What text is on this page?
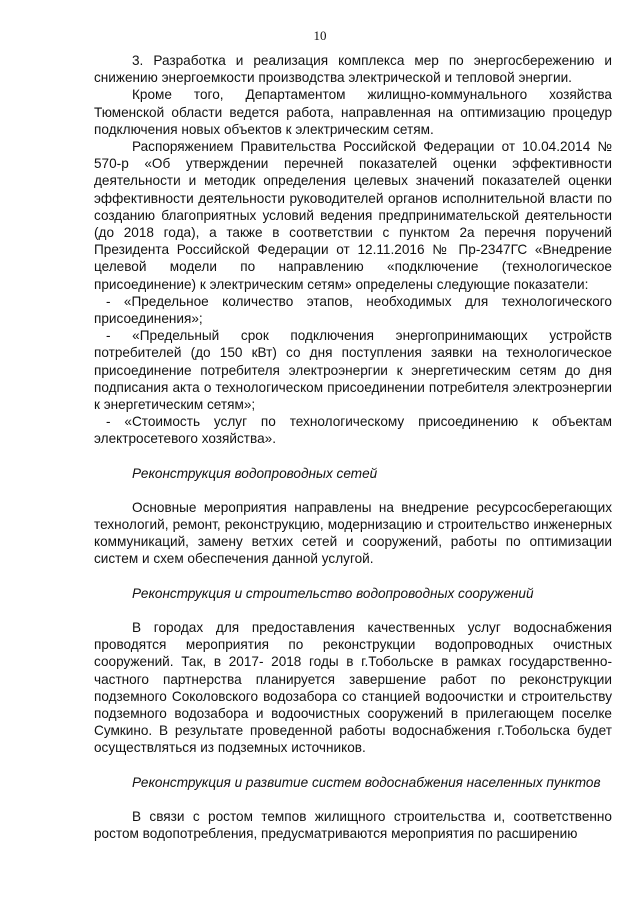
10

3. Разработка и реализация комплекса мер по энергосбережению и снижению энергоемкости производства электрической и тепловой энергии.

Кроме того, Департаментом жилищно-коммунального хозяйства Тюменской области ведется работа, направленная на оптимизацию процедур подключения новых объектов к электрическим сетям.

Распоряжением Правительства Российской Федерации от 10.04.2014 № 570-р «Об утверждении перечней показателей оценки эффективности деятельности и методик определения целевых значений показателей оценки эффективности деятельности руководителей органов исполнительной власти по созданию благоприятных условий ведения предпринимательской деятельности (до 2018 года), а также в соответствии с пунктом 2а перечня поручений Президента Российской Федерации от 12.11.2016 № Пр-2347ГС «Внедрение целевой модели по направлению «подключение (технологическое присоединение) к электрическим сетям» определены следующие показатели:

- «Предельное количество этапов, необходимых для технологического присоединения»;

- «Предельный срок подключения энергопринимающих устройств потребителей (до 150 кВт) со дня поступления заявки на технологическое присоединение потребителя электроэнергии к энергетическим сетям до дня подписания акта о технологическом присоединении потребителя электроэнергии к энергетическим сетям»;

- «Стоимость услуг по технологическому присоединению к объектам электросетевого хозяйства».

Реконструкция водопроводных сетей

Основные мероприятия направлены на внедрение ресурсосберегающих технологий, ремонт, реконструкцию, модернизацию и строительство инженерных коммуникаций, замену ветхих сетей и сооружений, работы по оптимизации систем и схем обеспечения данной услугой.

Реконструкция и строительство водопроводных сооружений

В городах для предоставления качественных услуг водоснабжения проводятся мероприятия по реконструкции водопроводных очистных сооружений. Так, в 2017- 2018 годы в г.Тобольске в рамках государственно-частного партнерства планируется завершение работ по реконструкции подземного Соколовского водозабора со станцией водоочистки и строительству подземного водозабора и водоочистных сооружений в прилегающем поселке Сумкино. В результате проведенной работы водоснабжения г.Тобольска будет осуществляться из подземных источников.

Реконструкция и развитие систем водоснабжения населенных пунктов

В связи с ростом темпов жилищного строительства и, соответственно ростом водопотребления, предусматриваются мероприятия по расширению
